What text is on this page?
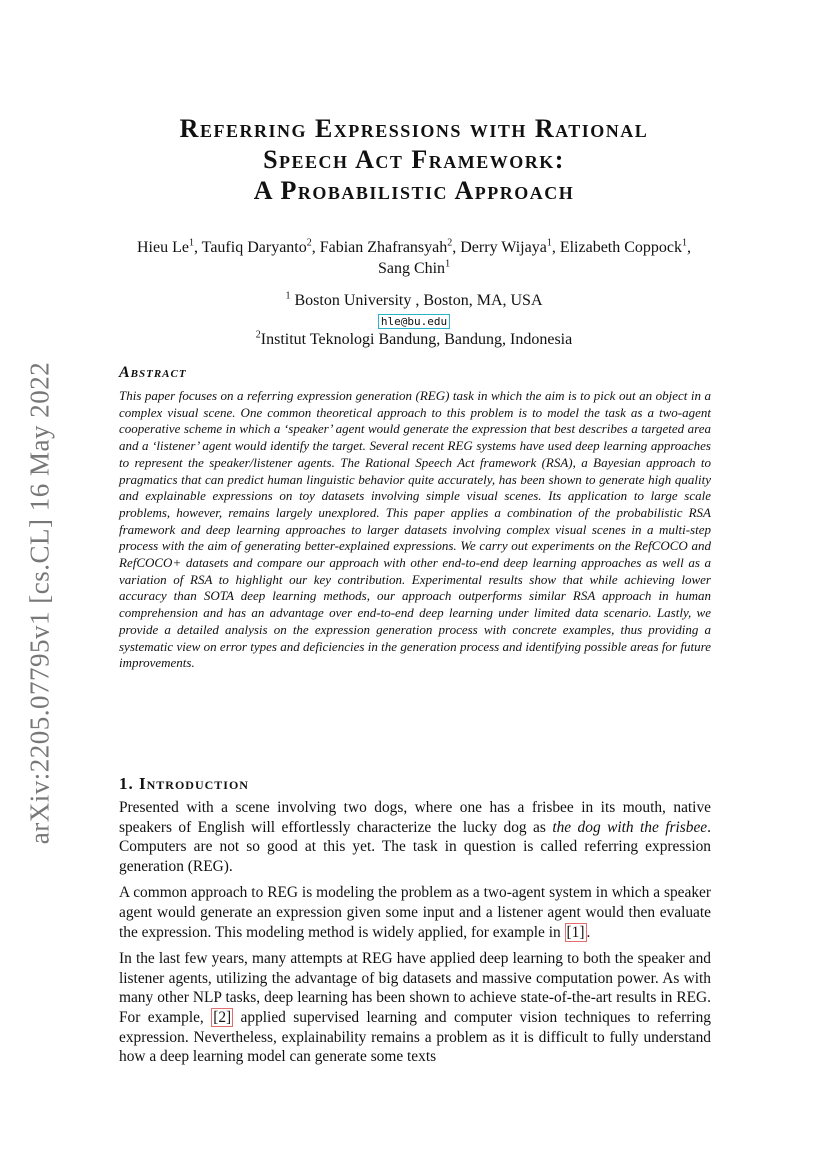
arXiv:2205.07795v1 [cs.CL] 16 May 2022
Referring Expressions with Rational
Speech Act Framework:
A Probabilistic Approach
Hieu Le$^1$, Taufiq Daryanto$^2$, Fabian Zhafransyah$^2$, Derry Wijaya$^1$, Elizabeth Coppock$^1$, Sang Chin$^1$
$^1$ Boston University , Boston, MA, USA
hle@bu.edu
$^2$Institut Teknologi Bandung, Bandung, Indonesia
Abstract
This paper focuses on a referring expression generation (REG) task in which the aim is to pick out an object in a complex visual scene. One common theoretical approach to this problem is to model the task as a two-agent cooperative scheme in which a ‘speaker’ agent would generate the expression that best describes a targeted area and a ‘listener’ agent would identify the target. Several recent REG systems have used deep learning approaches to represent the speaker/listener agents. The Rational Speech Act framework (RSA), a Bayesian approach to pragmatics that can predict human linguistic behavior quite accurately, has been shown to generate high quality and explainable expressions on toy datasets involving simple visual scenes. Its application to large scale problems, however, remains largely unexplored. This paper applies a combination of the probabilistic RSA framework and deep learning approaches to larger datasets involving complex visual scenes in a multi-step process with the aim of generating better-explained expressions. We carry out experiments on the RefCOCO and RefCOCO+ datasets and compare our approach with other end-to-end deep learning approaches as well as a variation of RSA to highlight our key contribution. Experimental results show that while achieving lower accuracy than SOTA deep learning methods, our approach outperforms similar RSA approach in human comprehension and has an advantage over end-to-end deep learning under limited data scenario. Lastly, we provide a detailed analysis on the expression generation process with concrete examples, thus providing a systematic view on error types and deficiencies in the generation process and identifying possible areas for future improvements.
1. Introduction

Presented with a scene involving two dogs, where one has a frisbee in its mouth, native speakers of English will effortlessly characterize the lucky dog as the dog with the frisbee. Computers are not so good at this yet. The task in question is called referring expression generation (REG).

A common approach to REG is modeling the problem as a two-agent system in which a speaker agent would generate an expression given some input and a listener agent would then evaluate the expression. This modeling method is widely applied, for example in [1] .

In the last few years, many attempts at REG have applied deep learning to both the speaker and listener agents, utilizing the advantage of big datasets and massive computation power. As with many other NLP tasks, deep learning has been shown to achieve state-of-the-art results in REG. For example, [2] applied supervised learning and computer vision techniques to referring expression. Nevertheless, explainability remains a problem as it is difficult to fully understand how a deep learning model can generate some texts
